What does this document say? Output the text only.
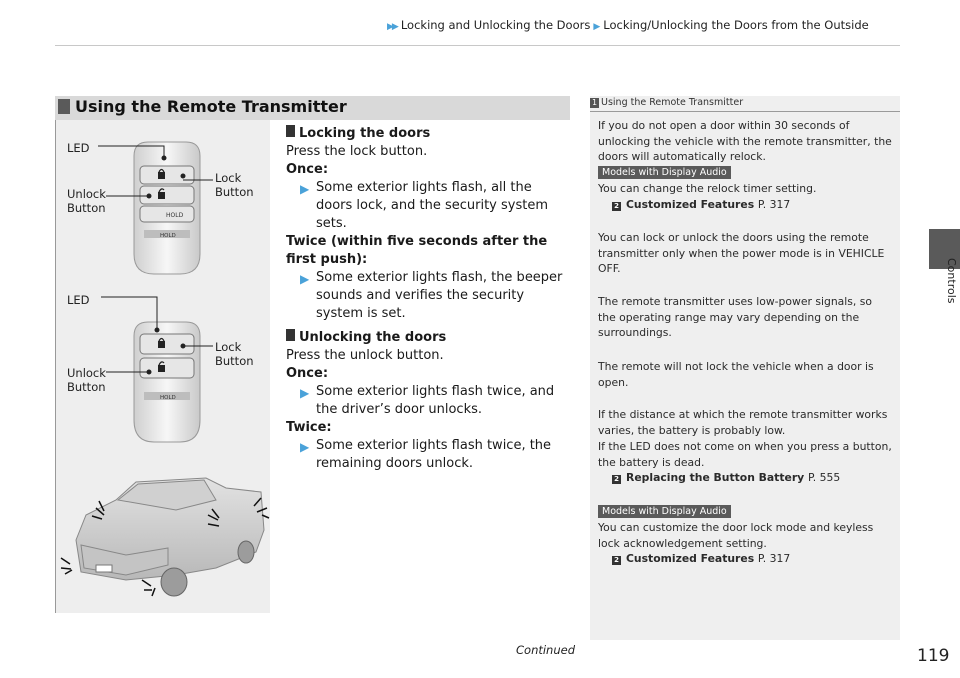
▶▶ Locking and Unlocking the Doors ▶ Locking/Unlocking the Doors from the Outside
Controls
Using the Remote Transmitter
HOLD
HOLD
HOLD
LED
Unlock
Button
Lock
Button
LED
Unlock
Button
Lock
Button
Locking the doors
Press the lock button.
Once:
▶ Some exterior lights flash, all the doors lock, and the security system sets.
Twice (within five seconds after the first push):
▶ Some exterior lights flash, the beeper sounds and verifies the security system is set.
Unlocking the doors
Press the unlock button.
Once:
▶ Some exterior lights flash twice, and the driver’s door unlocks.
Twice:
▶ Some exterior lights flash twice, the remaining doors unlock.
1 Using the Remote Transmitter
If you do not open a door within 30 seconds of unlocking the vehicle with the remote transmitter, the doors will automatically relock.
Models with Display Audio
You can change the relock timer setting.
2 Customized Features P. 317
You can lock or unlock the doors using the remote transmitter only when the power mode is in VEHICLE OFF.
The remote transmitter uses low-power signals, so the operating range may vary depending on the surroundings.
The remote will not lock the vehicle when a door is open.
If the distance at which the remote transmitter works varies, the battery is probably low.
If the LED does not come on when you press a button, the battery is dead.
2 Replacing the Button Battery P. 555
Models with Display Audio
You can customize the door lock mode and keyless lock acknowledgement setting.
2 Customized Features P. 317
Continued	119
